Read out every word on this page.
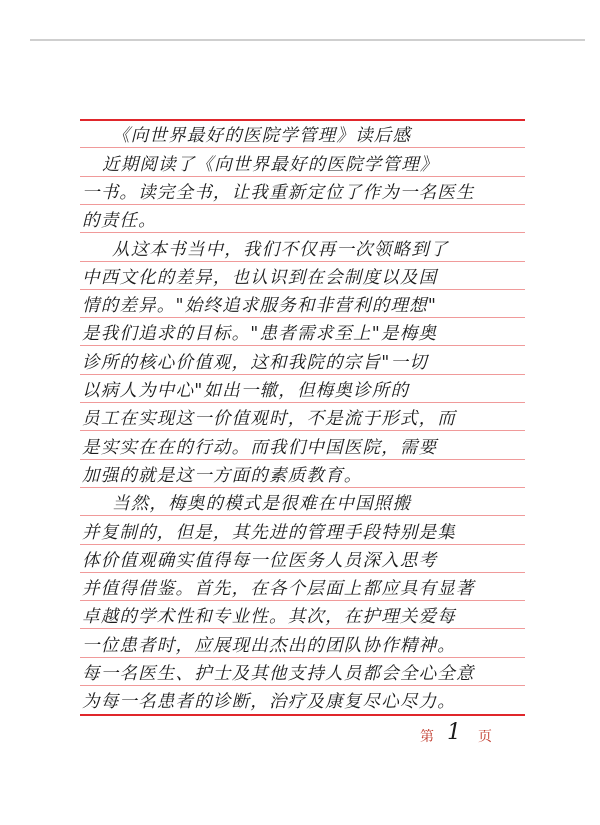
《向世界最好的医院学管理》读后感
近期阅读了《向世界最好的医院学管理》
一书。读完全书，让我重新定位了作为一名医生
的责任。
从这本书当中，我们不仅再一次领略到了
中西文化的差异，也认识到在会制度以及国
情的差异。"始终追求服务和非营利的理想"
是我们追求的目标。"患者需求至上"是梅奥
诊所的核心价值观，这和我院的宗旨"一切
以病人为中心"如出一辙，但梅奥诊所的
员工在实现这一价值观时，不是流于形式，而
是实实在在的行动。而我们中国医院，需要
加强的就是这一方面的素质教育。
当然，梅奥的模式是很难在中国照搬
并复制的，但是，其先进的管理手段特别是集
体价值观确实值得每一位医务人员深入思考
并值得借鉴。首先，在各个层面上都应具有显著
卓越的学术性和专业性。其次，在护理关爱每
一位患者时，应展现出杰出的团队协作精神。
每一名医生、护士及其他支持人员都会全心全意
为每一名患者的诊断，治疗及康复尽心尽力。
第 1 页
